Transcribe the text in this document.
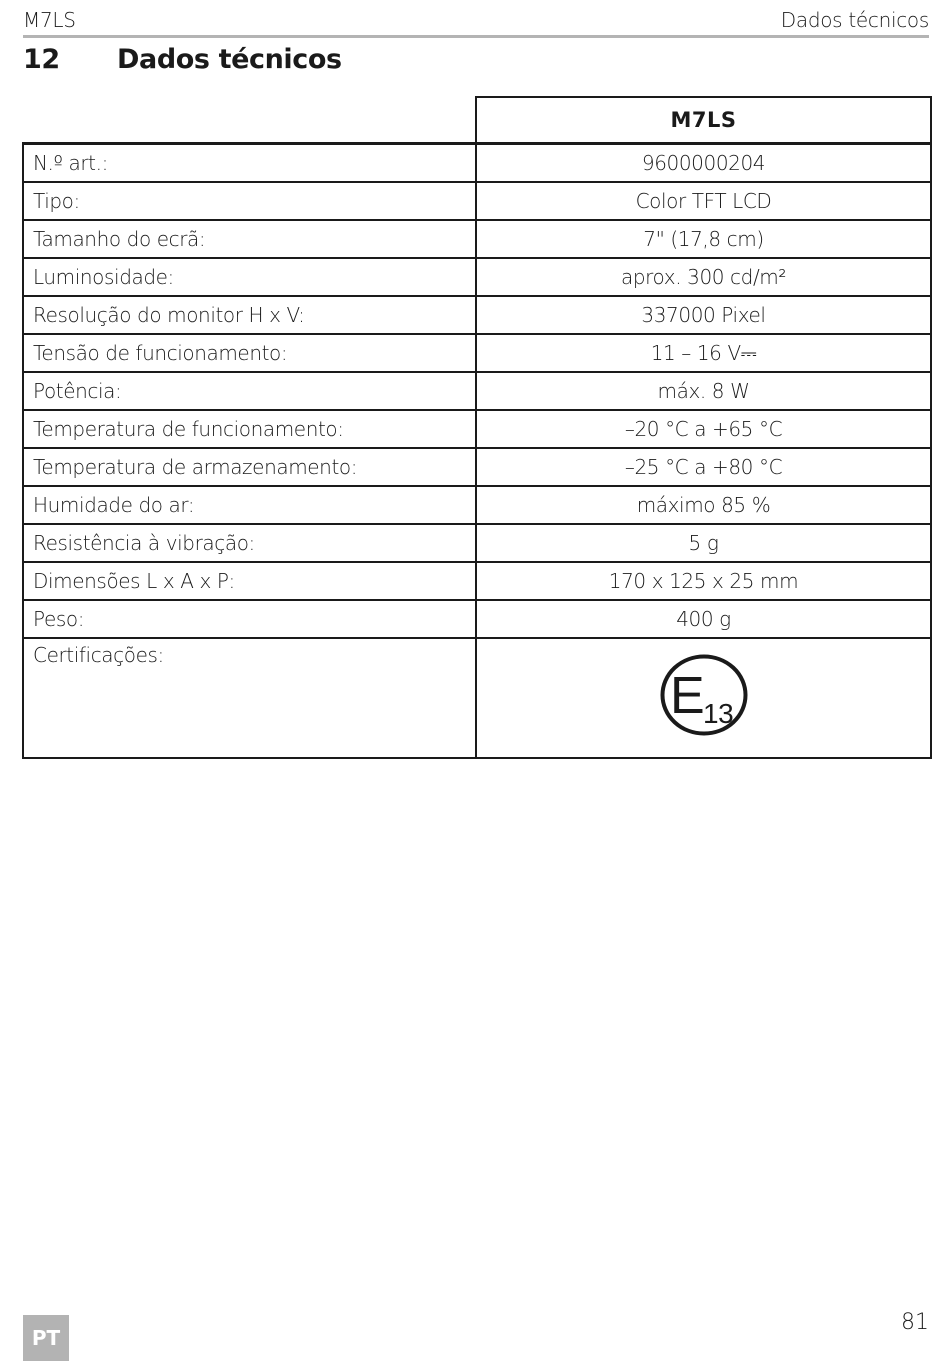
M7LS	Dados técnicos
12 Dados técnicos
	M7LS
N.º art.:	9600000204
Tipo:	Color TFT LCD
Tamanho do ecrã:	7" (17,8 cm)
Luminosidade:	aprox. 300 cd/m²
Resolução do monitor H x V:	337000 Pixel
Tensão de funcionamento:	11 – 16 V⎓
Potência:	máx. 8 W
Temperatura de funcionamento:	–20 °C a +65 °C
Temperatura de armazenamento:	–25 °C a +80 °C
Humidade do ar:	máximo 85 %
Resistência à vibração:	5 g
Dimensões L x A x P:	170 x 125 x 25 mm
Peso:	400 g
Certificações:	E
13
PT
81
